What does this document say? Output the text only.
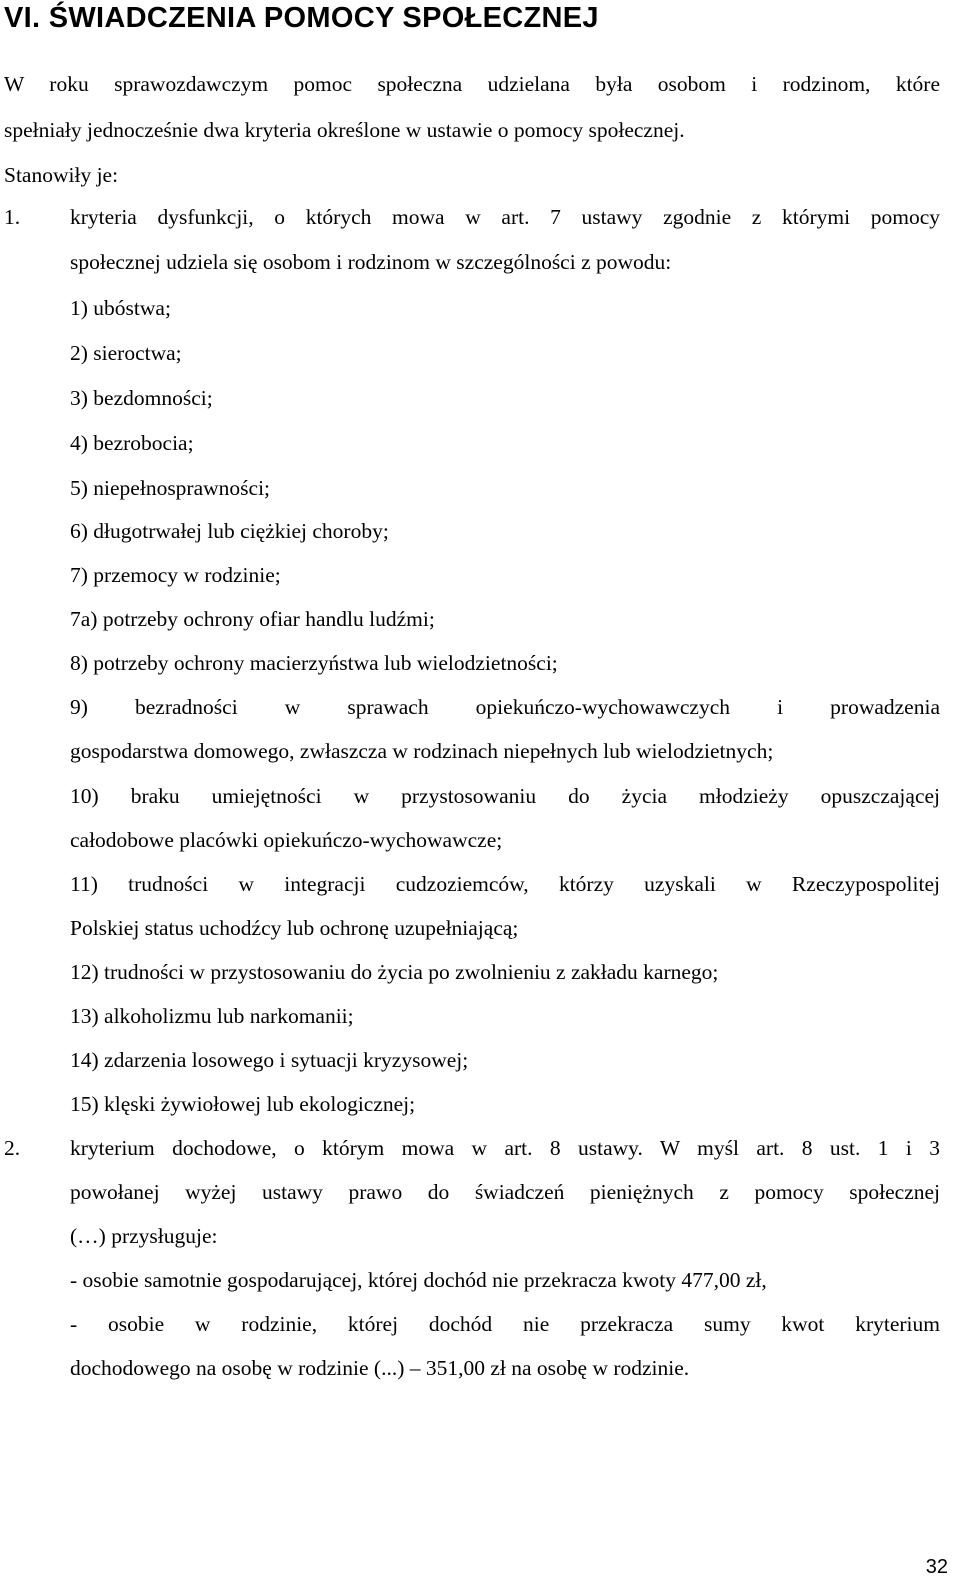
VI. ŚWIADCZENIA POMOCY SPOŁECZNEJ
W roku sprawozdawczym pomoc społeczna udzielana była osobom i rodzinom, które
spełniały jednocześnie dwa kryteria określone w ustawie o pomocy społecznej.
Stanowiły je:
1. kryteria dysfunkcji, o których mowa w art. 7 ustawy zgodnie z którymi pomocy
społecznej udziela się osobom i rodzinom w szczególności z powodu:
1) ubóstwa;
2) sieroctwa;
3) bezdomności;
4) bezrobocia;
5) niepełnosprawności;
6) długotrwałej lub ciężkiej choroby;
7) przemocy w rodzinie;
7a) potrzeby ochrony ofiar handlu ludźmi;
8) potrzeby ochrony macierzyństwa lub wielodzietności;
9) bezradności w sprawach opiekuńczo-wychowawczych i prowadzenia
gospodarstwa domowego, zwłaszcza w rodzinach niepełnych lub wielodzietnych;
10) braku umiejętności w przystosowaniu do życia młodzieży opuszczającej
całodobowe placówki opiekuńczo-wychowawcze;
11) trudności w integracji cudzoziemców, którzy uzyskali w Rzeczypospolitej
Polskiej status uchodźcy lub ochronę uzupełniającą;
12) trudności w przystosowaniu do życia po zwolnieniu z zakładu karnego;
13) alkoholizmu lub narkomanii;
14) zdarzenia losowego i sytuacji kryzysowej;
15) klęski żywiołowej lub ekologicznej;
2. kryterium dochodowe, o którym mowa w art. 8 ustawy. W myśl art. 8 ust. 1 i 3
powołanej wyżej ustawy prawo do świadczeń pieniężnych z pomocy społecznej
(…) przysługuje:
- osobie samotnie gospodarującej, której dochód nie przekracza kwoty 477,00 zł,
- osobie w rodzinie, której dochód nie przekracza sumy kwot kryterium
dochodowego na osobę w rodzinie (...) – 351,00 zł na osobę w rodzinie.
32
